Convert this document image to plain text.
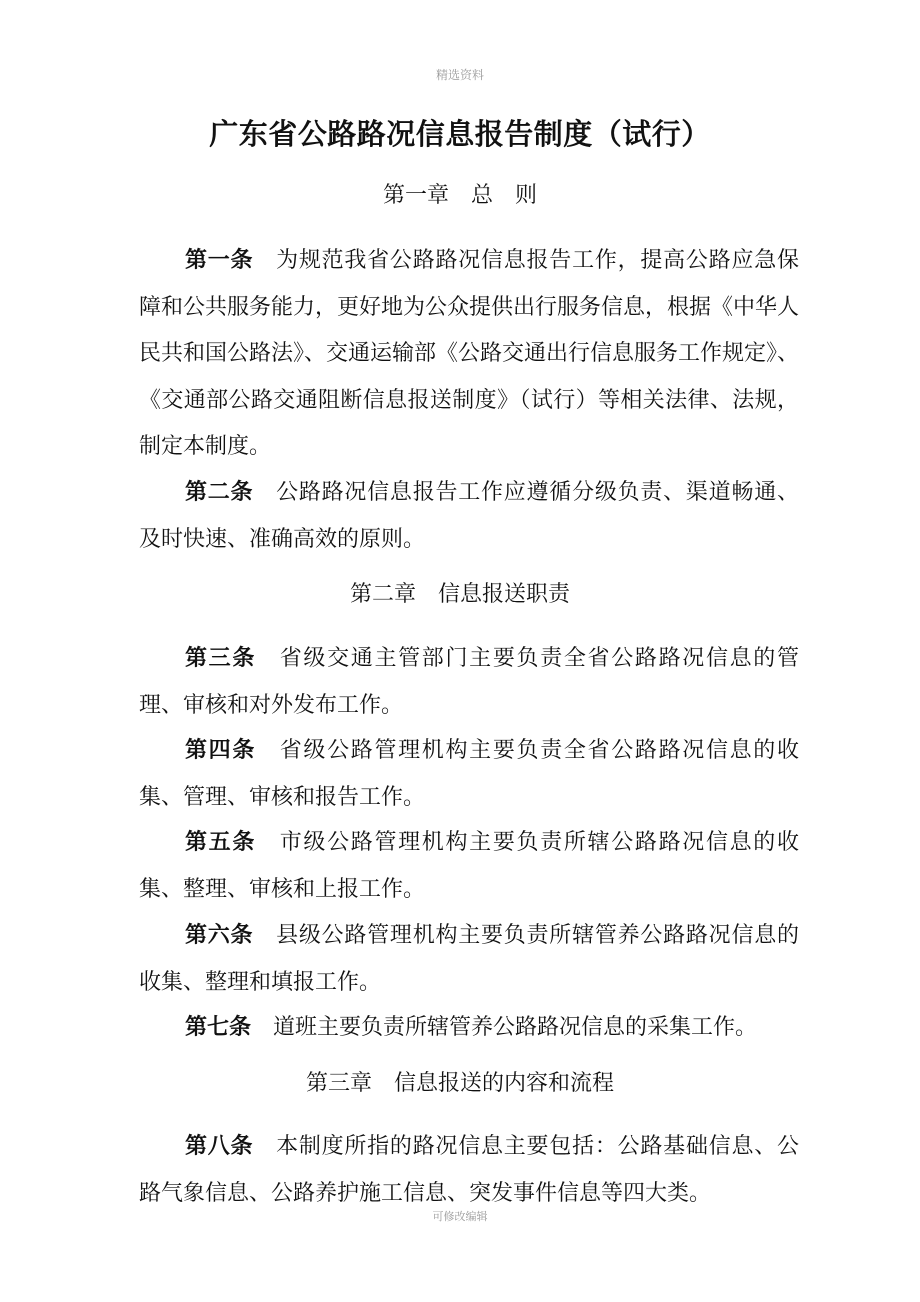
精选资料
广东省公路路况信息报告制度（试行）
第一章　总　则
第一条 为规范我省公路路况信息报告工作，提高公路应急保障和公共服务能力，更好地为公众提供出行服务信息，根据《中华人民共和国公路法》、交通运输部《公路交通出行信息服务工作规定》、《交通部公路交通阻断信息报送制度》（试行）等相关法律、法规，制定本制度。
第二条 公路路况信息报告工作应遵循分级负责、渠道畅通、及时快速、准确高效的原则。
第二章　信息报送职责
第三条 省级交通主管部门主要负责全省公路路况信息的管理、审核和对外发布工作。
第四条 省级公路管理机构主要负责全省公路路况信息的收集、管理、审核和报告工作。
第五条 市级公路管理机构主要负责所辖公路路况信息的收集、整理、审核和上报工作。
第六条 县级公路管理机构主要负责所辖管养公路路况信息的收集、整理和填报工作。
第七条 道班主要负责所辖管养公路路况信息的采集工作。
第三章　信息报送的内容和流程
第八条 本制度所指的路况信息主要包括：公路基础信息、公路气象信息、公路养护施工信息、突发事件信息等四大类。
可修改编辑
